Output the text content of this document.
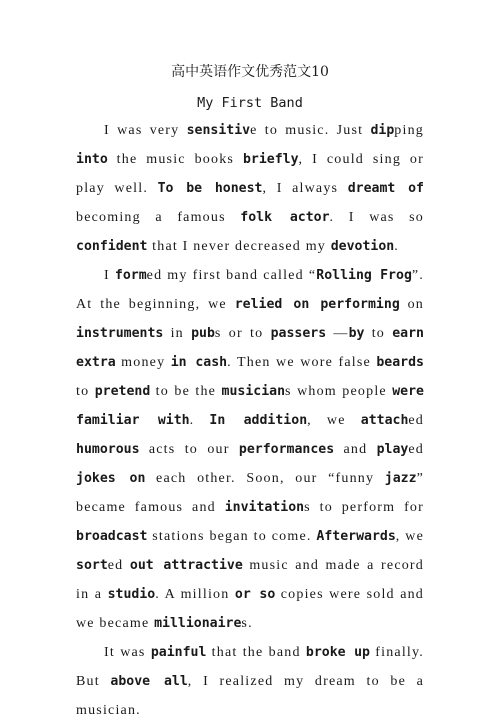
高中英语作文优秀范文10
My First Band

I was very sensitive to music. Just dipping into the music books briefly, I could sing or play well. To be honest, I always dreamt of becoming a famous folk actor. I was so confident that I never decreased my devotion.

I formed my first band called “Rolling Frog”. At the beginning, we relied on performing on instruments in pubs or to passers —by to earn extra money in cash. Then we wore false beards to pretend to be the musicians whom people were familiar with. In addition, we attached humorous acts to our performances and played jokes on each other. Soon, our “funny jazz” became famous and invitations to perform for broadcast stations began to come. Afterwards, we sorted out attractive music and made a record in a studio. A million or so copies were sold and we became millionaires.

It was painful that the band broke up finally. But above all, I realized my dream to be a musician.
